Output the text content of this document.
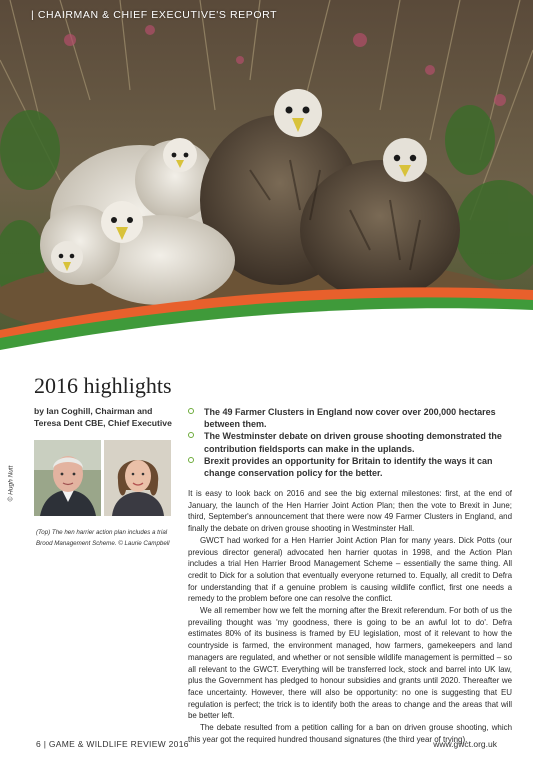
| CHAIRMAN & CHIEF EXECUTIVE'S REPORT
© Hugh Nutt
2016 highlights
by Ian Coghill, Chairman and
Teresa Dent CBE, Chief Executive
(Top) The hen harrier action plan includes a trial Brood Management Scheme. © Laurie Campbell
The 49 Farmer Clusters in England now cover over 200,000 hectares between them.
The Westminster debate on driven grouse shooting demonstrated the contribution fieldsports can make in the uplands.
Brexit provides an opportunity for Britain to identify the ways it can change conservation policy for the better.

It is easy to look back on 2016 and see the big external milestones: first, at the end of January, the launch of the Hen Harrier Joint Action Plan; then the vote to Brexit in June; third, September's announcement that there were now 49 Farmer Clusters in England, and finally the debate on driven grouse shooting in Westminster Hall.

GWCT had worked for a Hen Harrier Joint Action Plan for many years. Dick Potts (our previous director general) advocated hen harrier quotas in 1998, and the Action Plan includes a trial Hen Harrier Brood Management Scheme – essentially the same thing. All credit to Dick for a solution that eventually everyone returned to. Equally, all credit to Defra for understanding that if a genuine problem is causing wildlife conflict, first one needs a remedy to the problem before one can resolve the conflict.

We all remember how we felt the morning after the Brexit referendum. For both of us the prevailing thought was 'my goodness, there is going to be an awful lot to do'. Defra estimates 80% of its business is framed by EU legislation, most of it relevant to how the countryside is farmed, the environment managed, how farmers, gamekeepers and land managers are regulated, and whether or not sensible wildlife management is permitted – so all relevant to the GWCT. Everything will be transferred lock, stock and barrel into UK law, plus the Government has pledged to honour subsidies and grants until 2020. Thereafter we face uncertainty. However, there will also be opportunity: no one is suggesting that EU regulation is perfect; the trick is to identify both the areas to change and the areas that will be better left.

The debate resulted from a petition calling for a ban on driven grouse shooting, which this year got the required hundred thousand signatures (the third year of trying).

6 | GAME & WILDLIFE REVIEW 2016	www.gwct.org.uk
